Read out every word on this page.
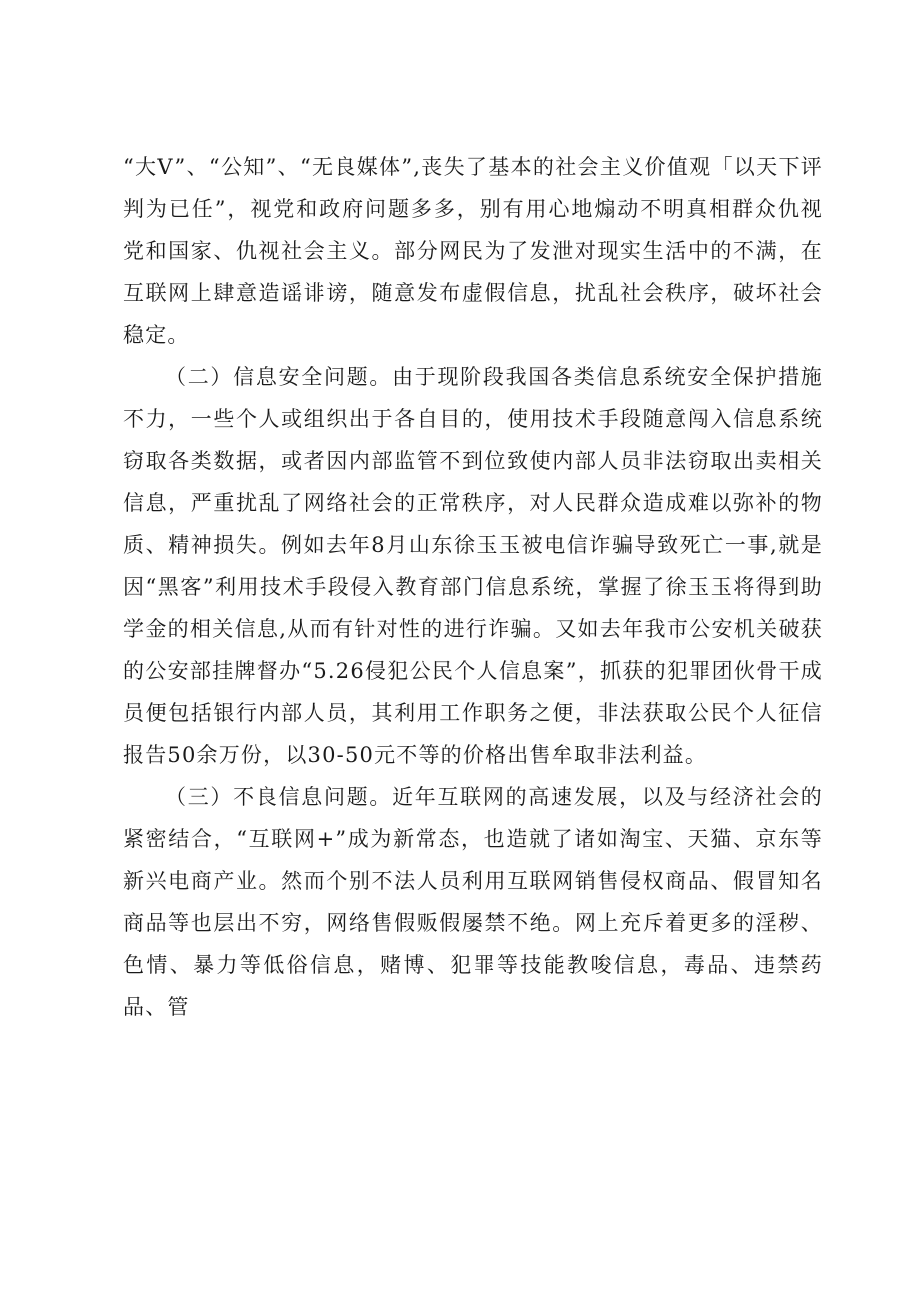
“大V”、“公知”、“无良媒体”,丧失了基本的社会主义价值观「以天下评判为已任”，视党和政府问题多多，别有用心地煽动不明真相群众仇视党和国家、仇视社会主义。部分网民为了发泄对现实生活中的不满，在互联网上肆意造谣诽谤，随意发布虚假信息，扰乱社会秩序，破坏社会稳定。

（二）信息安全问题。由于现阶段我国各类信息系统安全保护措施不力，一些个人或组织出于各自目的，使用技术手段随意闯入信息系统窃取各类数据，或者因内部监管不到位致使内部人员非法窃取出卖相关信息，严重扰乱了网络社会的正常秩序，对人民群众造成难以弥补的物质、精神损失。例如去年8月山东徐玉玉被电信诈骗导致死亡一事,就是因“黑客”利用技术手段侵入教育部门信息系统，掌握了徐玉玉将得到助学金的相关信息,从而有针对性的进行诈骗。又如去年我市公安机关破获的公安部挂牌督办“5.26侵犯公民个人信息案”，抓获的犯罪团伙骨干成员便包括银行内部人员，其利用工作职务之便，非法获取公民个人征信报告50余万份，以30-50元不等的价格出售牟取非法利益。

（三）不良信息问题。近年互联网的高速发展，以及与经济社会的紧密结合，“互联网+”成为新常态，也造就了诸如淘宝、天猫、京东等新兴电商产业。然而个别不法人员利用互联网销售侵权商品、假冒知名商品等也层出不穷，网络售假贩假屡禁不绝。网上充斥着更多的淫秽、色情、暴力等低俗信息，赌博、犯罪等技能教唆信息，毒品、违禁药品、管
